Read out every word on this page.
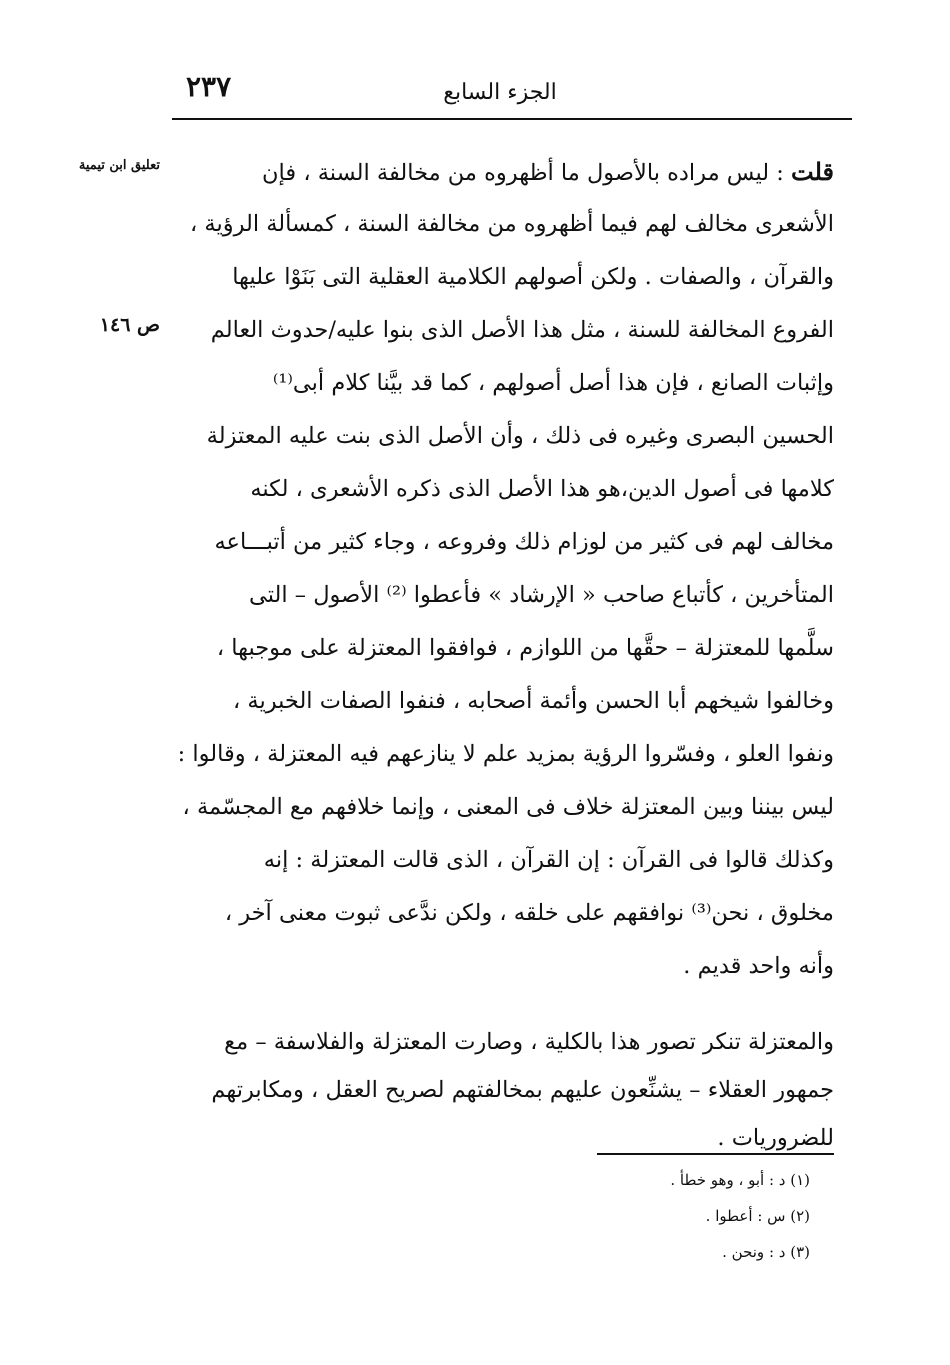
٢٣٧	الجزء السابع
تعليق ابن تيمية
ص ١٤٦
قلت : ليس مراده بالأصول ما أظهروه من مخالفة السنة ، فإن
الأشعرى مخالف لهم فيما أظهروه من مخالفة السنة ، كمسألة الرؤية ،
والقرآن ، والصفات . ولكن أصولهم الكلامية العقلية التى بَنَوْا عليها
الفروع المخالفة للسنة ، مثل هذا الأصل الذى بنوا عليه/حدوث العالم
وإثبات الصانع ، فإن هذا أصل أصولهم ، كما قد بيَّنا كلام أبى⁽¹⁾
الحسين البصرى وغيره فى ذلك ، وأن الأصل الذى بنت عليه المعتزلة
كلامها فى أصول الدين،هو هذا الأصل الذى ذكره الأشعرى ، لكنه
مخالف لهم فى كثير من لوزام ذلك وفروعه ، وجاء كثير من أتبـــاعه
المتأخرين ، كأتباع صاحب « الإرشاد » فأعطوا ⁽²⁾ الأصول – التى
سلَّمها للمعتزلة – حقَّها من اللوازم ، فوافقوا المعتزلة على موجبها ،
وخالفوا شيخهم أبا الحسن وأئمة أصحابه ، فنفوا الصفات الخبرية ،
ونفوا العلو ، وفسّروا الرؤية بمزيد علم لا ينازعهم فيه المعتزلة ، وقالوا :
ليس بيننا وبين المعتزلة خلاف فى المعنى ، وإنما خلافهم مع المجسّمة ،
وكذلك قالوا فى القرآن : إن القرآن ، الذى قالت المعتزلة : إنه
مخلوق ، نحن⁽³⁾ نوافقهم على خلقه ، ولكن ندَّعى ثبوت معنى آخر ،
وأنه واحد قديم .
والمعتزلة تنكر تصور هذا بالكلية ، وصارت المعتزلة والفلاسفة – مع
جمهور العقلاء – يشنِّعون عليهم بمخالفتهم لصريح العقل ، ومكابرتهم
للضروريات .
(١) د : أبو ، وهو خطأ .
(٢) س : أعطوا .
(٣) د : ونحن .
